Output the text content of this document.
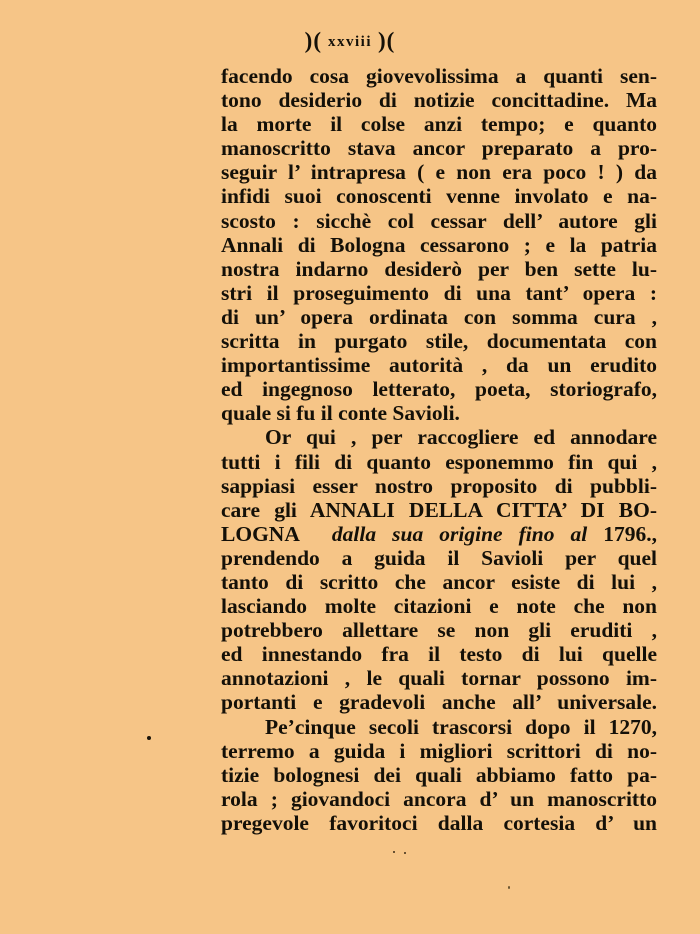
)( xxviii )(
facendo cosa giovevolissima a quanti sen-
tono desiderio di notizie concittadine. Ma
la morte il colse anzi tempo; e quanto
manoscritto stava ancor preparato a pro-
seguir l’ intrapresa ( e non era poco ! ) da
infidi suoi conoscenti venne involato e na-
scosto : sicchè col cessar dell’ autore gli
Annali di Bologna cessarono ; e la patria
nostra indarno desiderò per ben sette lu-
stri il proseguimento di una tant’ opera :
di un’ opera ordinata con somma cura ,
scritta in purgato stile, documentata con
importantissime autorità , da un erudito
ed ingegnoso letterato, poeta, storiografo,
quale si fu il conte Savioli.
Or qui , per raccogliere ed annodare
tutti i fili di quanto esponemmo fin qui ,
sappiasi esser nostro proposito di pubbli-
care gli ANNALI DELLA CITTA’ DI BO-
LOGNA dalla sua origine fino al 1796.,
prendendo a guida il Savioli per quel
tanto di scritto che ancor esiste di lui ,
lasciando molte citazioni e note che non
potrebbero allettare se non gli eruditi ,
ed innestando fra il testo di lui quelle
annotazioni , le quali tornar possono im-
portanti e gradevoli anche all’ universale.
Pe’cinque secoli trascorsi dopo il 1270,
terremo a guida i migliori scrittori di no-
tizie bolognesi dei quali abbiamo fatto pa-
rola ; giovandoci ancora d’ un manoscritto
pregevole favoritoci dalla cortesia d’ un
